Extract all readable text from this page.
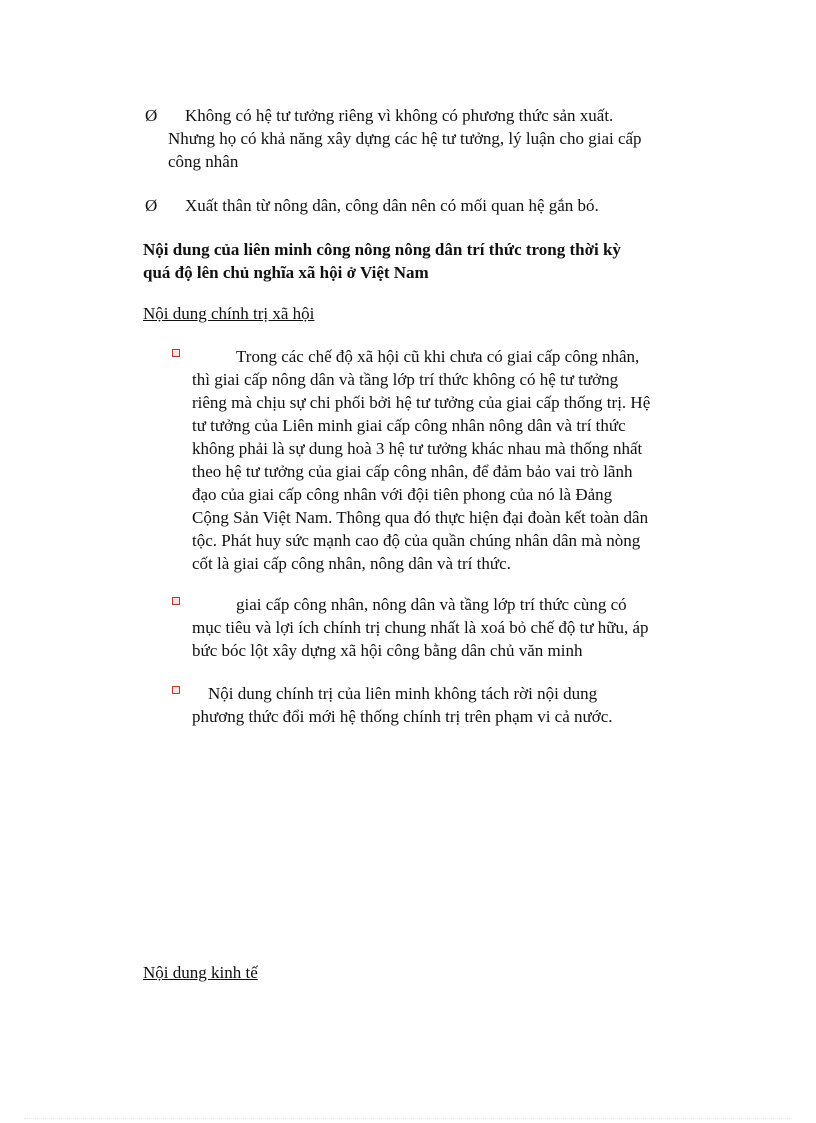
Ø Không có hệ tư tưởng riêng vì không có phương thức sản xuất.
Nhưng họ có khả năng xây dựng các hệ tư tưởng, lý luận cho giai cấp
công nhân
Ø Xuất thân từ nông dân, công dân nên có mối quan hệ gắn bó.
Nội dung của liên minh công nông nông dân trí thức trong thời kỳ
quá độ lên chủ nghĩa xã hội ở Việt Nam
Nội dung chính trị xã hội
Trong các chế độ xã hội cũ khi chưa có giai cấp công nhân,
thì giai cấp nông dân và tầng lớp trí thức không có hệ tư tưởng
riêng mà chịu sự chi phối bởi hệ tư tưởng của giai cấp thống trị. Hệ
tư tưởng của Liên minh giai cấp công nhân nông dân và trí thức
không phải là sự dung hoà 3 hệ tư tưởng khác nhau mà thống nhất
theo hệ tư tưởng của giai cấp công nhân, để đảm bảo vai trò lãnh
đạo của giai cấp công nhân với đội tiên phong của nó là Đảng
Cộng Sản Việt Nam. Thông qua đó thực hiện đại đoàn kết toàn dân
tộc. Phát huy sức mạnh cao độ của quần chúng nhân dân mà nòng
cốt là giai cấp công nhân, nông dân và trí thức.
giai cấp công nhân, nông dân và tầng lớp trí thức cùng có
mục tiêu và lợi ích chính trị chung nhất là xoá bỏ chế độ tư hữu, áp
bức bóc lột xây dựng xã hội công bằng dân chủ văn minh
Nội dung chính trị của liên minh không tách rời nội dung
phương thức đổi mới hệ thống chính trị trên phạm vi cả nước.
Nội dung kinh tế
